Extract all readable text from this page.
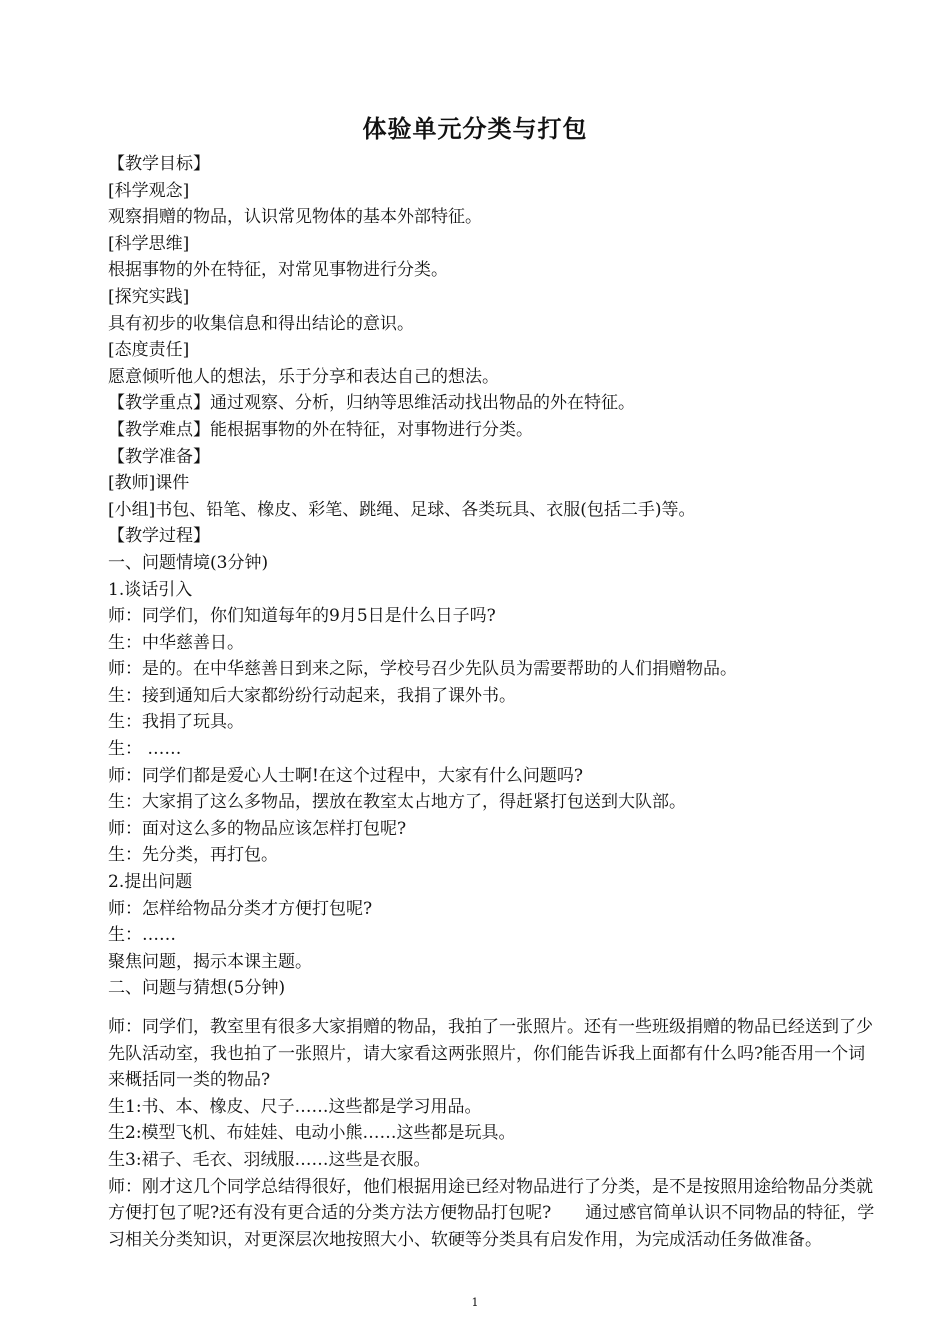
体验单元分类与打包
【教学目标】
[科学观念]
观察捐赠的物品，认识常见物体的基本外部特征。
[科学思维]
根据事物的外在特征，对常见事物进行分类。
[探究实践]
具有初步的收集信息和得出结论的意识。
[态度责任]
愿意倾听他人的想法，乐于分享和表达自己的想法。
【教学重点】通过观察、分析，归纳等思维活动找出物品的外在特征。
【教学难点】能根据事物的外在特征，对事物进行分类。
【教学准备】
[教师]课件
[小组]书包、铅笔、橡皮、彩笔、跳绳、足球、各类玩具、衣服(包括二手)等。
【教学过程】
一、问题情境(3分钟)
1.谈话引入
师：同学们，你们知道每年的9月5日是什么日子吗?
生：中华慈善日。
师：是的。在中华慈善日到来之际，学校号召少先队员为需要帮助的人们捐赠物品。
生：接到通知后大家都纷纷行动起来，我捐了课外书。
生：我捐了玩具。
生： ……
师：同学们都是爱心人士啊!在这个过程中，大家有什么问题吗?
生：大家捐了这么多物品，摆放在教室太占地方了，得赶紧打包送到大队部。
师：面对这么多的物品应该怎样打包呢?
生：先分类，再打包。
2.提出问题
师：怎样给物品分类才方便打包呢?
生：……
聚焦问题，揭示本课主题。
二、问题与猜想(5分钟)

师：同学们，教室里有很多大家捐赠的物品，我拍了一张照片。还有一些班级捐赠的物品已经送到了少先队活动室，我也拍了一张照片，请大家看这两张照片，你们能告诉我上面都有什么吗?能否用一个词来概括同一类的物品?

生1:书、本、橡皮、尺子……这些都是学习用品。

生2:模型飞机、布娃娃、电动小熊……这些都是玩具。

生3:裙子、毛衣、羽绒服……这些是衣服。

师：刚才这几个同学总结得很好，他们根据用途已经对物品进行了分类，是不是按照用途给物品分类就方便打包了呢?还有没有更合适的分类方法方便物品打包呢?　　通过感官简单认识不同物品的特征，学习相关分类知识，对更深层次地按照大小、软硬等分类具有启发作用，为完成活动任务做准备。

1
